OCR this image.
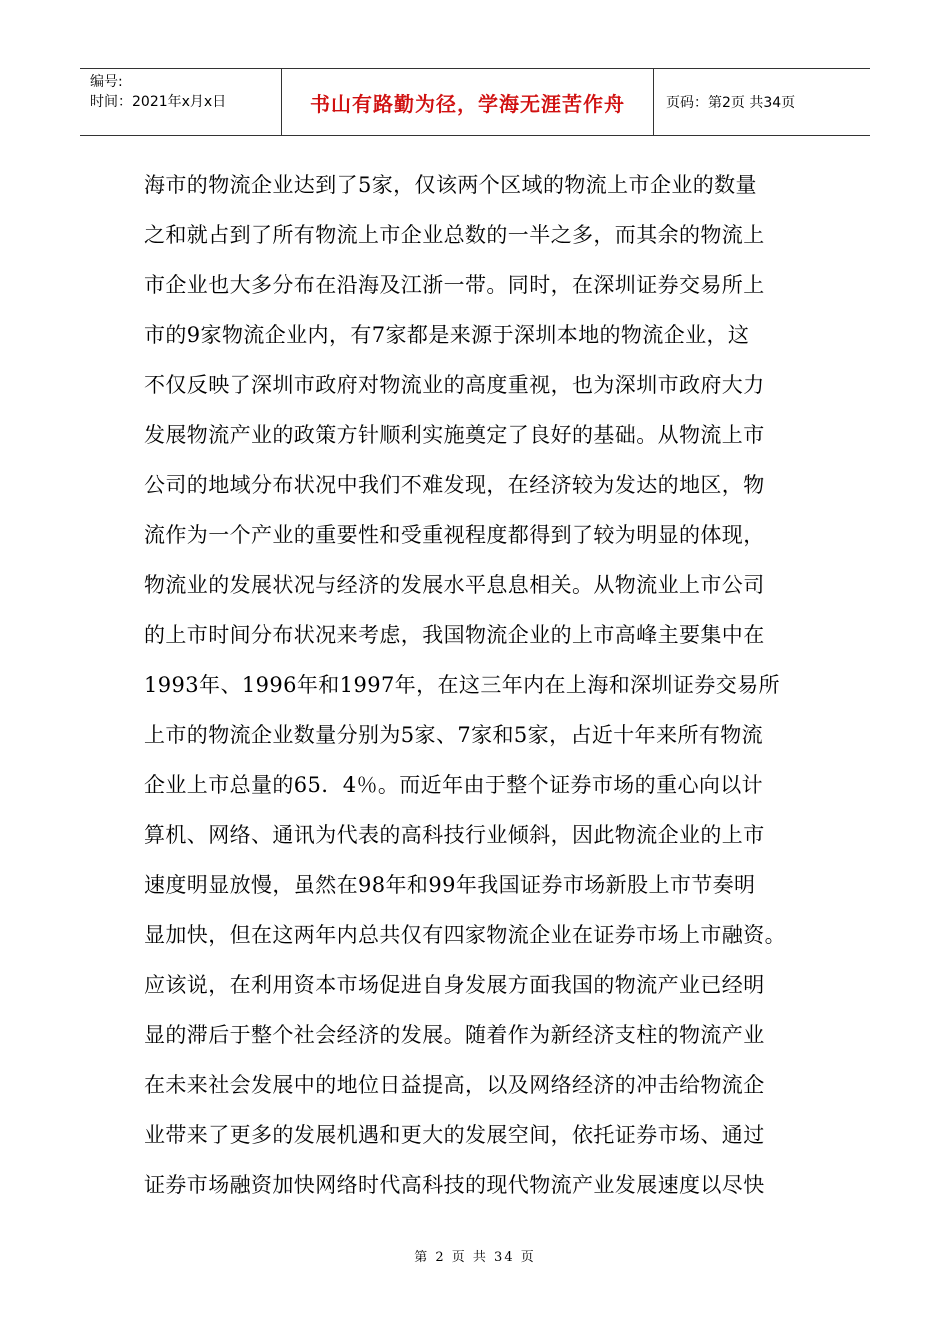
编号:
时间：2021年x月x日	书山有路勤为径，学海无涯苦作舟	页码：第2页 共34页
海市的物流企业达到了5家，仅该两个区域的物流上市企业的数量
之和就占到了所有物流上市企业总数的一半之多，而其余的物流上
市企业也大多分布在沿海及江浙一带。同时，在深圳证券交易所上
市的9家物流企业内，有7家都是来源于深圳本地的物流企业，这
不仅反映了深圳市政府对物流业的高度重视，也为深圳市政府大力
发展物流产业的政策方针顺利实施奠定了良好的基础。从物流上市
公司的地域分布状况中我们不难发现，在经济较为发达的地区，物
流作为一个产业的重要性和受重视程度都得到了较为明显的体现，
物流业的发展状况与经济的发展水平息息相关。从物流业上市公司
的上市时间分布状况来考虑，我国物流企业的上市高峰主要集中在
1993年、1996年和1997年，在这三年内在上海和深圳证券交易所
上市的物流企业数量分别为5家、7家和5家，占近十年来所有物流
企业上市总量的65．4％。而近年由于整个证券市场的重心向以计
算机、网络、通讯为代表的高科技行业倾斜，因此物流企业的上市
速度明显放慢，虽然在98年和99年我国证券市场新股上市节奏明
显加快，但在这两年内总共仅有四家物流企业在证券市场上市融资。
应该说，在利用资本市场促进自身发展方面我国的物流产业已经明
显的滞后于整个社会经济的发展。随着作为新经济支柱的物流产业
在未来社会发展中的地位日益提高，以及网络经济的冲击给物流企
业带来了更多的发展机遇和更大的发展空间，依托证券市场、通过
证券市场融资加快网络时代高科技的现代物流产业发展速度以尽快
第 2 页 共 34 页
